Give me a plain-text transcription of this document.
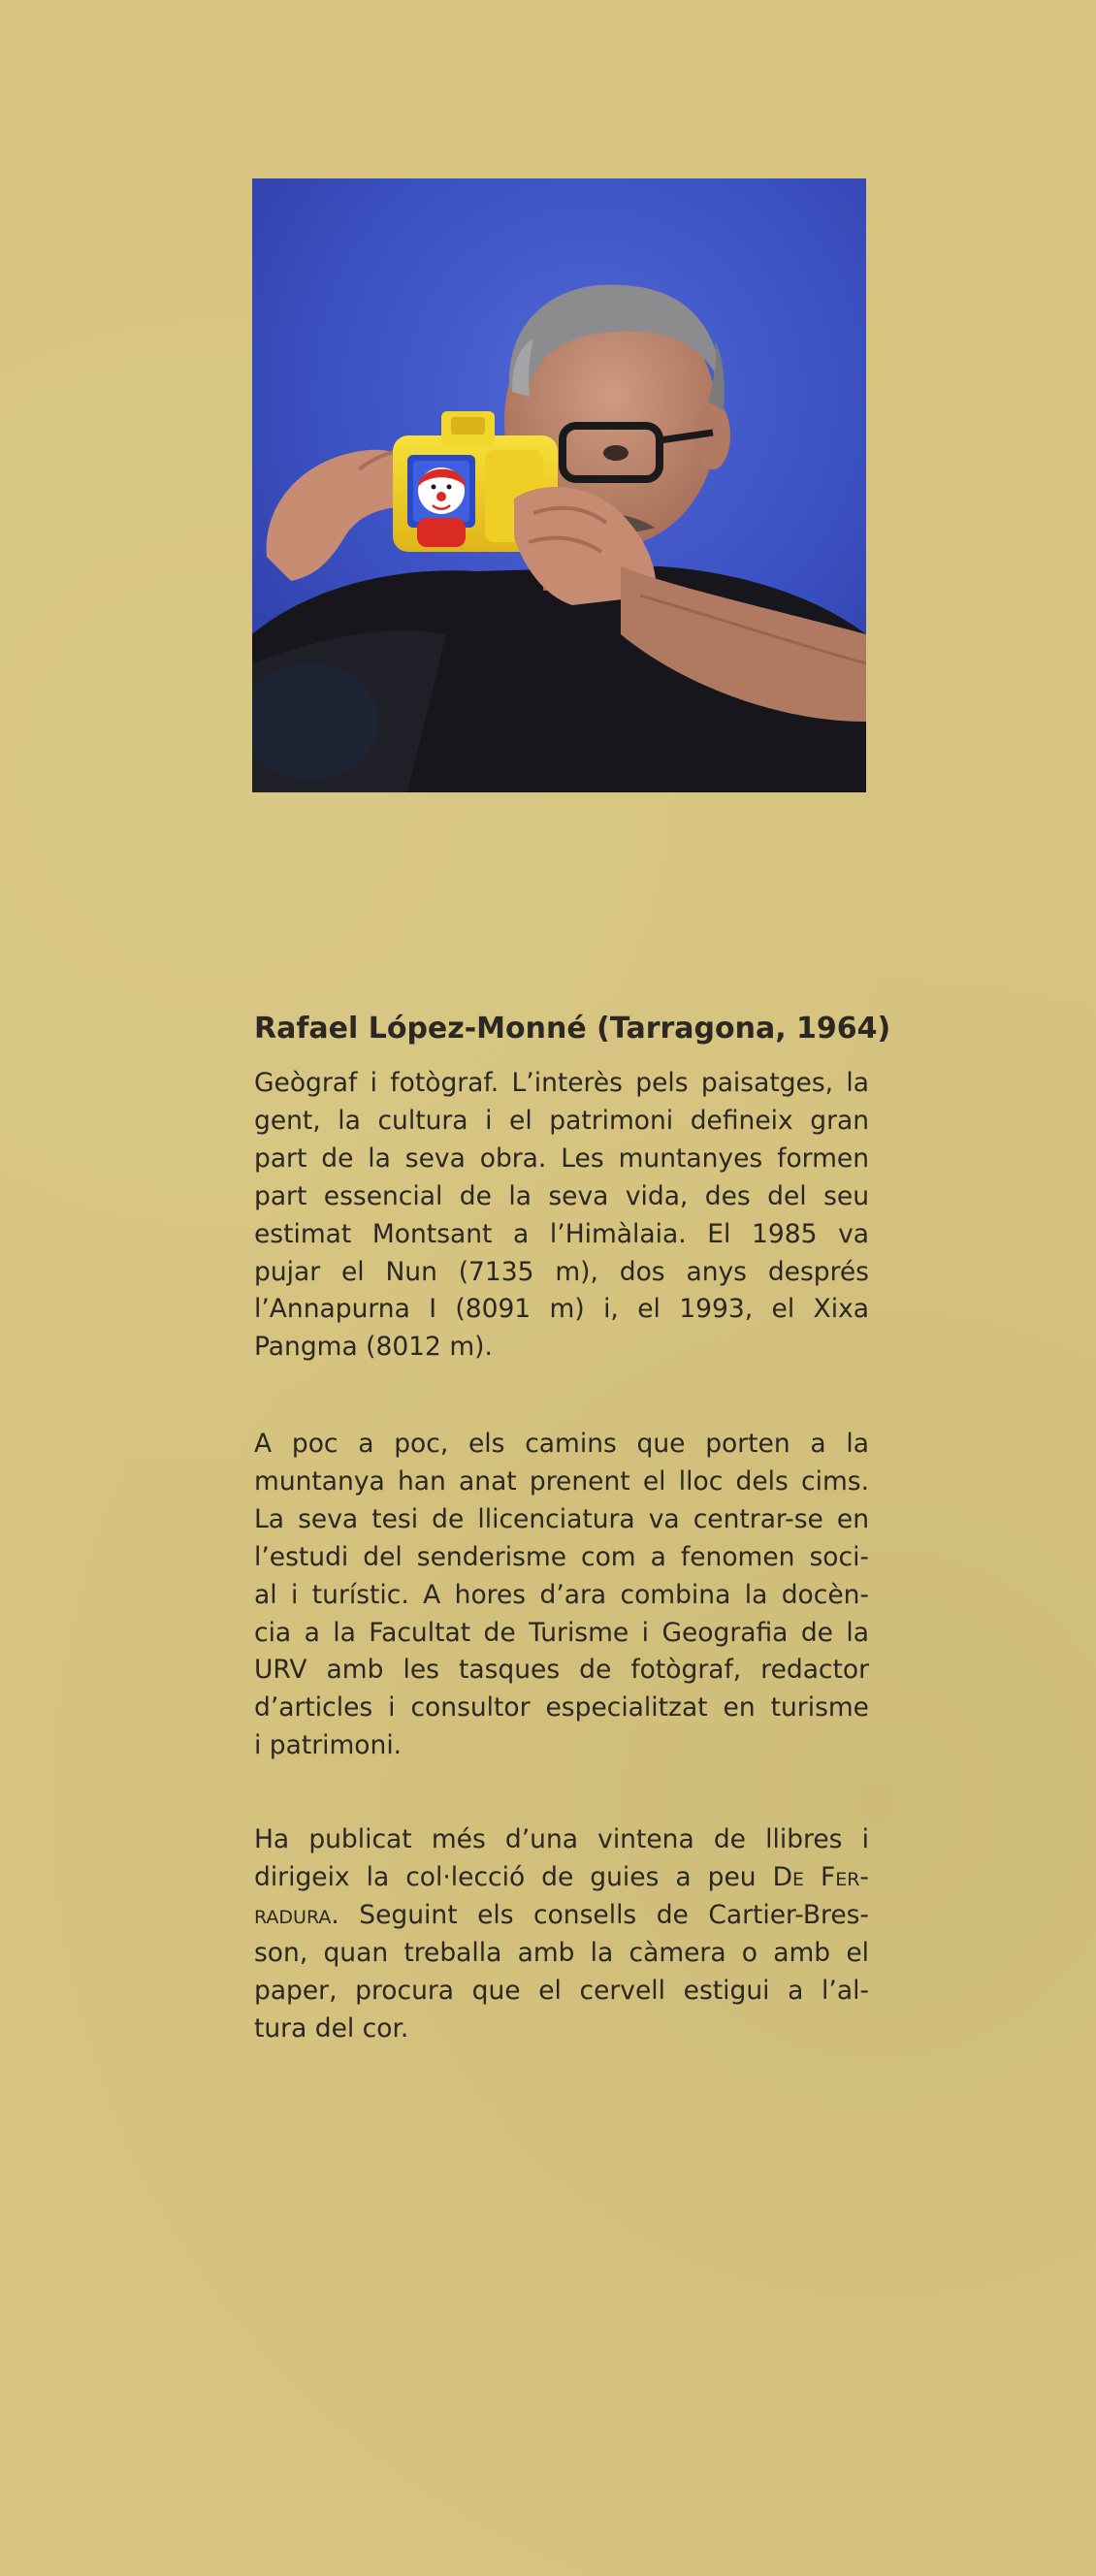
Rafael López-Monné (Tarragona, 1964)

Geògraf i fotògraf. L’interès pels paisatges, la
gent, la cultura i el patrimoni defineix gran
part de la seva obra. Les muntanyes formen
part essencial de la seva vida, des del seu
estimat Montsant a l’Himàlaia. El 1985 va
pujar el Nun (7135 m), dos anys després
l’Annapurna I (8091 m) i, el 1993, el Xixa
Pangma (8012 m).

A poc a poc, els camins que porten a la
muntanya han anat prenent el lloc dels cims.
La seva tesi de llicenciatura va centrar-se en
l’estudi del senderisme com a fenomen soci-
al i turístic. A hores d’ara combina la docèn-
cia a la Facultat de Turisme i Geografia de la
URV amb les tasques de fotògraf, redactor
d’articles i consultor especialitzat en turisme
i patrimoni.

Ha publicat més d’una vintena de llibres i
dirigeix la col·lecció de guies a peu De Fer-
radura. Seguint els consells de Cartier-Bres-
son, quan treballa amb la càmera o amb el
paper, procura que el cervell estigui a l’al-
tura del cor.
